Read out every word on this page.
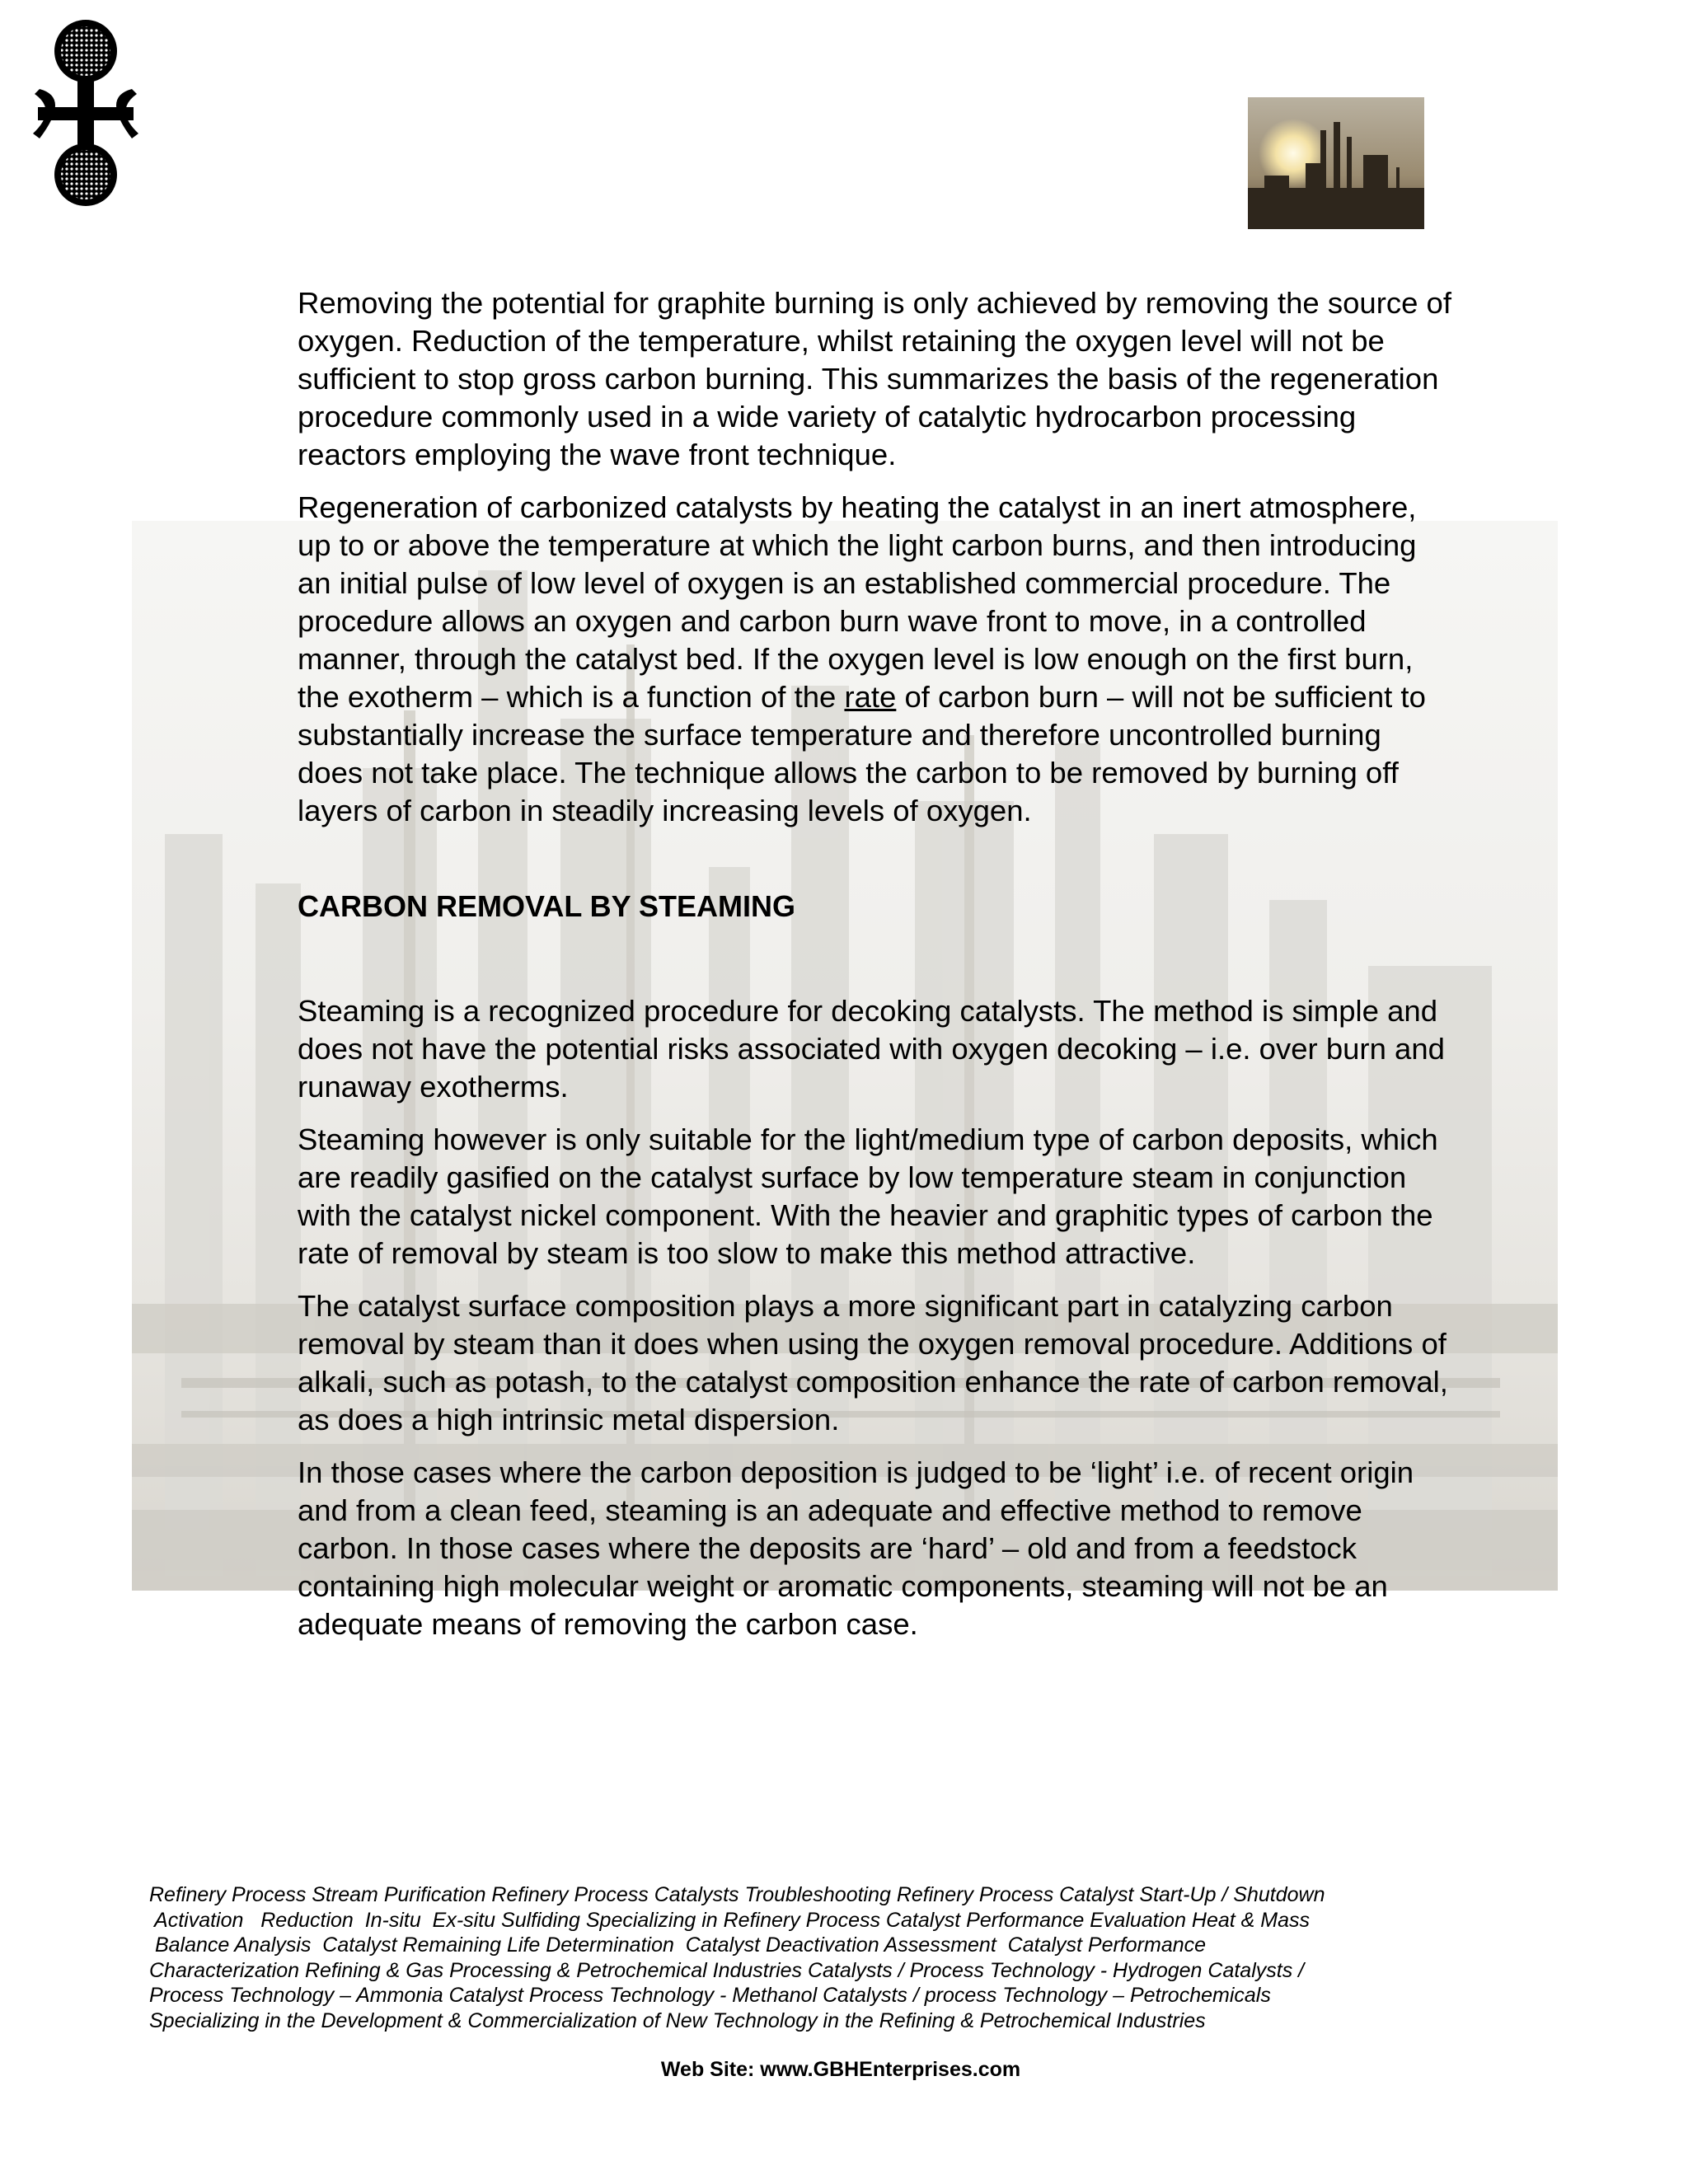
Removing the potential for graphite burning is only achieved by removing the source of oxygen. Reduction of the temperature, whilst retaining the oxygen level will not be sufficient to stop gross carbon burning. This summarizes the basis of the regeneration procedure commonly used in a wide variety of catalytic hydrocarbon processing reactors employing the wave front technique.

Regeneration of carbonized catalysts by heating the catalyst in an inert atmosphere, up to or above the temperature at which the light carbon burns, and then introducing an initial pulse of low level of oxygen is an established commercial procedure. The procedure allows an oxygen and carbon burn wave front to move, in a controlled manner, through the catalyst bed. If the oxygen level is low enough on the first burn, the exotherm – which is a function of the rate of carbon burn – will not be sufficient to substantially increase the surface temperature and therefore uncontrolled burning does not take place. The technique allows the carbon to be removed by burning off layers of carbon in steadily increasing levels of oxygen.

CARBON REMOVAL BY STEAMING

Steaming is a recognized procedure for decoking catalysts. The method is simple and does not have the potential risks associated with oxygen decoking – i.e. over burn and runaway exotherms.

Steaming however is only suitable for the light/medium type of carbon deposits, which are readily gasified on the catalyst surface by low temperature steam in conjunction with the catalyst nickel component. With the heavier and graphitic types of carbon the rate of removal by steam is too slow to make this method attractive.

The catalyst surface composition plays a more significant part in catalyzing carbon removal by steam than it does when using the oxygen removal procedure. Additions of alkali, such as potash, to the catalyst composition enhance the rate of carbon removal, as does a high intrinsic metal dispersion.

In those cases where the carbon deposition is judged to be ‘light’ i.e. of recent origin and from a clean feed, steaming is an adequate and effective method to remove carbon. In those cases where the deposits are ‘hard’ – old and from a feedstock containing high molecular weight or aromatic components, steaming will not be an adequate means of removing the carbon case.

Refinery Process Stream Purification Refinery Process Catalysts Troubleshooting Refinery Process Catalyst Start-Up / Shutdown
Activation   Reduction  In-situ  Ex-situ Sulfiding Specializing in Refinery Process Catalyst Performance Evaluation Heat & Mass
Balance Analysis  Catalyst Remaining Life Determination  Catalyst Deactivation Assessment  Catalyst Performance
Characterization Refining & Gas Processing & Petrochemical Industries Catalysts / Process Technology - Hydrogen Catalysts /
Process Technology – Ammonia Catalyst Process Technology - Methanol Catalysts / process Technology – Petrochemicals
Specializing in the Development & Commercialization of New Technology in the Refining & Petrochemical Industries
Web Site: www.GBHEnterprises.com
